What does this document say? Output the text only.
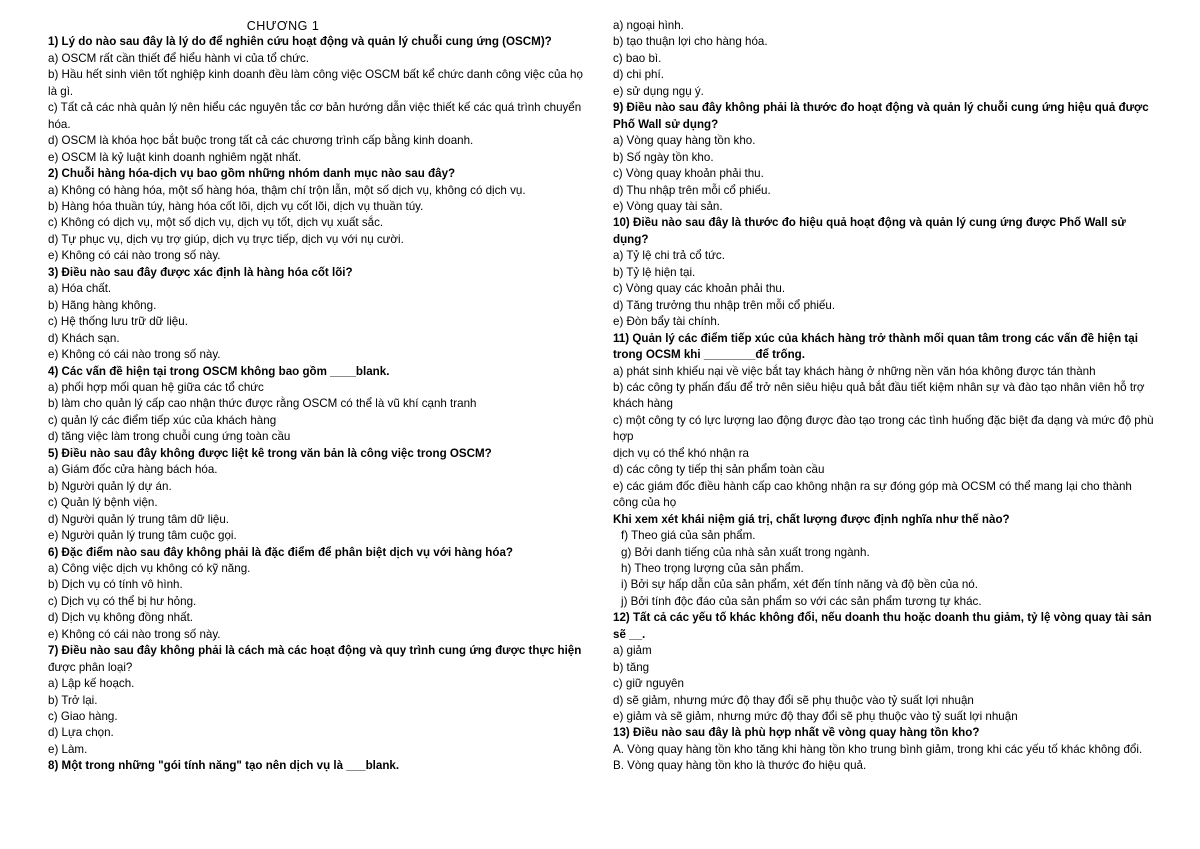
CHƯƠNG 1
1) Lý do nào sau đây là lý do để nghiên cứu hoạt động và quản lý chuỗi cung ứng (OSCM)?
a) OSCM rất cần thiết để hiểu hành vi của tổ chức.
b) Hầu hết sinh viên tốt nghiệp kinh doanh đều làm công việc OSCM bất kể chức danh công việc của họ là gì.
c) Tất cả các nhà quản lý nên hiểu các nguyên tắc cơ bản hướng dẫn việc thiết kế các quá trình chuyển hóa.
d) OSCM là khóa học bắt buộc trong tất cả các chương trình cấp bằng kinh doanh.
e) OSCM là kỷ luật kinh doanh nghiêm ngặt nhất.
2) Chuỗi hàng hóa-dịch vụ bao gồm những nhóm danh mục nào sau đây?
a) Không có hàng hóa, một số hàng hóa, thậm chí trộn lẫn, một số dịch vụ, không có dịch vụ.
b) Hàng hóa thuần túy, hàng hóa cốt lõi, dịch vụ cốt lõi, dịch vụ thuần túy.
c) Không có dịch vụ, một số dịch vụ, dịch vụ tốt, dịch vụ xuất sắc.
d) Tự phục vụ, dịch vụ trợ giúp, dịch vụ trực tiếp, dịch vụ với nụ cười.
e) Không có cái nào trong số này.
3) Điều nào sau đây được xác định là hàng hóa cốt lõi?
a) Hóa chất.
b) Hãng hàng không.
c) Hệ thống lưu trữ dữ liệu.
d) Khách sạn.
e) Không có cái nào trong số này.
4) Các vấn đề hiện tại trong OSCM không bao gồm ____blank.
a) phối hợp mối quan hệ giữa các tổ chức
b) làm cho quản lý cấp cao nhận thức được rằng OSCM có thể là vũ khí cạnh tranh
c) quản lý các điểm tiếp xúc của khách hàng
d) tăng việc làm trong chuỗi cung ứng toàn cầu
5) Điều nào sau đây không được liệt kê trong văn bản là công việc trong OSCM?
a) Giám đốc cửa hàng bách hóa.
b) Người quản lý dự án.
c) Quản lý bệnh viện.
d) Người quản lý trung tâm dữ liệu.
e) Người quản lý trung tâm cuộc gọi.
6) Đặc điểm nào sau đây không phải là đặc điểm để phân biệt dịch vụ với hàng hóa?
a) Công việc dịch vụ không có kỹ năng.
b) Dịch vụ có tính vô hình.
c) Dịch vụ có thể bị hư hỏng.
d) Dịch vụ không đồng nhất.
e) Không có cái nào trong số này.
7) Điều nào sau đây không phải là cách mà các hoạt động và quy trình cung ứng được thực hiện
được phân loại?
a) Lập kế hoạch.
b) Trở lại.
c) Giao hàng.
d) Lựa chọn.
e) Làm.
8) Một trong những "gói tính năng" tạo nên dịch vụ là ___blank.
a) ngoại hình.
b) tạo thuận lợi cho hàng hóa.
c) bao bì.
d) chi phí.
e) sử dụng ngụ ý.
9) Điều nào sau đây không phải là thước đo hoạt động và quản lý chuỗi cung ứng hiệu quả được Phố Wall sử dụng?
a) Vòng quay hàng tồn kho.
b) Số ngày tồn kho.
c) Vòng quay khoản phải thu.
d) Thu nhập trên mỗi cổ phiếu.
e) Vòng quay tài sản.
10) Điều nào sau đây là thước đo hiệu quả hoạt động và quản lý cung ứng được Phố Wall sử dụng?
a) Tỷ lệ chi trả cổ tức.
b) Tỷ lệ hiện tại.
c) Vòng quay các khoản phải thu.
d) Tăng trưởng thu nhập trên mỗi cổ phiếu.
e) Đòn bẩy tài chính.
11) Quản lý các điểm tiếp xúc của khách hàng trở thành mối quan tâm trong các vấn đề hiện tại trong OCSM khi ________để trống.
a) phát sinh khiếu nại về việc bắt tay khách hàng ở những nền văn hóa không được tán thành
b) các công ty phấn đấu để trở nên siêu hiệu quả bắt đầu tiết kiệm nhân sự và đào tạo nhân viên hỗ trợ khách hàng
c) một công ty có lực lượng lao động được đào tạo trong các tình huống đặc biệt đa dạng và mức độ phù hợp
dịch vụ có thể khó nhận ra
d) các công ty tiếp thị sản phẩm toàn cầu
e) các giám đốc điều hành cấp cao không nhận ra sự đóng góp mà OCSM có thể mang lại cho thành công của họ
Khi xem xét khái niệm giá trị, chất lượng được định nghĩa như thế nào?
f) Theo giá của sản phẩm.
g) Bởi danh tiếng của nhà sản xuất trong ngành.
h) Theo trọng lượng của sản phẩm.
i) Bởi sự hấp dẫn của sản phẩm, xét đến tính năng và độ bền của nó.
j) Bởi tính độc đáo của sản phẩm so với các sản phẩm tương tự khác.
12) Tất cả các yếu tố khác không đổi, nếu doanh thu hoặc doanh thu giảm, tỷ lệ vòng quay tài sản sẽ __.
a) giảm
b) tăng
c) giữ nguyên
d) sẽ giảm, nhưng mức độ thay đổi sẽ phụ thuộc vào tỷ suất lợi nhuận
e) giảm và sẽ giảm, nhưng mức độ thay đổi sẽ phụ thuộc vào tỷ suất lợi nhuận
13) Điều nào sau đây là phù hợp nhất về vòng quay hàng tồn kho?
A. Vòng quay hàng tồn kho tăng khi hàng tồn kho trung bình giảm, trong khi các yếu tố khác không đổi.
B. Vòng quay hàng tồn kho là thước đo hiệu quả.
